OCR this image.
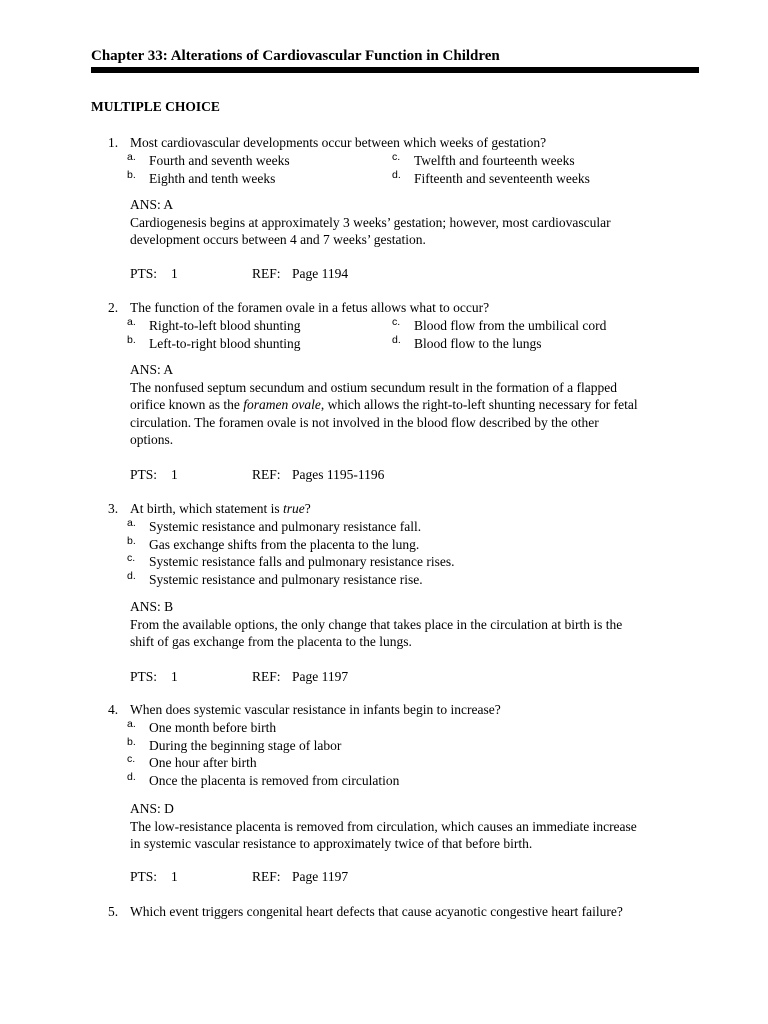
Chapter 33: Alterations of Cardiovascular Function in Children
MULTIPLE CHOICE
1. Most cardiovascular developments occur between which weeks of gestation?
a. Fourth and seventh weeks
b. Eighth and tenth weeks
c. Twelfth and fourteenth weeks
d. Fifteenth and seventeenth weeks
ANS: A
Cardiogenesis begins at approximately 3 weeks’ gestation; however, most cardiovascular
development occurs between 4 and 7 weeks’ gestation.
PTS: 1	REF: Page 1194
2. The function of the foramen ovale in a fetus allows what to occur?
a. Right-to-left blood shunting
b. Left-to-right blood shunting
c. Blood flow from the umbilical cord
d. Blood flow to the lungs
ANS: A
The nonfused septum secundum and ostium secundum result in the formation of a flapped
orifice known as the foramen ovale, which allows the right-to-left shunting necessary for fetal
circulation. The foramen ovale is not involved in the blood flow described by the other
options.
PTS: 1	REF: Pages 1195-1196
3. At birth, which statement is true?
a. Systemic resistance and pulmonary resistance fall.
b. Gas exchange shifts from the placenta to the lung.
c. Systemic resistance falls and pulmonary resistance rises.
d. Systemic resistance and pulmonary resistance rise.
ANS: B
From the available options, the only change that takes place in the circulation at birth is the
shift of gas exchange from the placenta to the lungs.
PTS: 1	REF: Page 1197
4. When does systemic vascular resistance in infants begin to increase?
a. One month before birth
b. During the beginning stage of labor
c. One hour after birth
d. Once the placenta is removed from circulation
ANS: D
The low-resistance placenta is removed from circulation, which causes an immediate increase
in systemic vascular resistance to approximately twice of that before birth.
PTS: 1	REF: Page 1197
5. Which event triggers congenital heart defects that cause acyanotic congestive heart failure?
